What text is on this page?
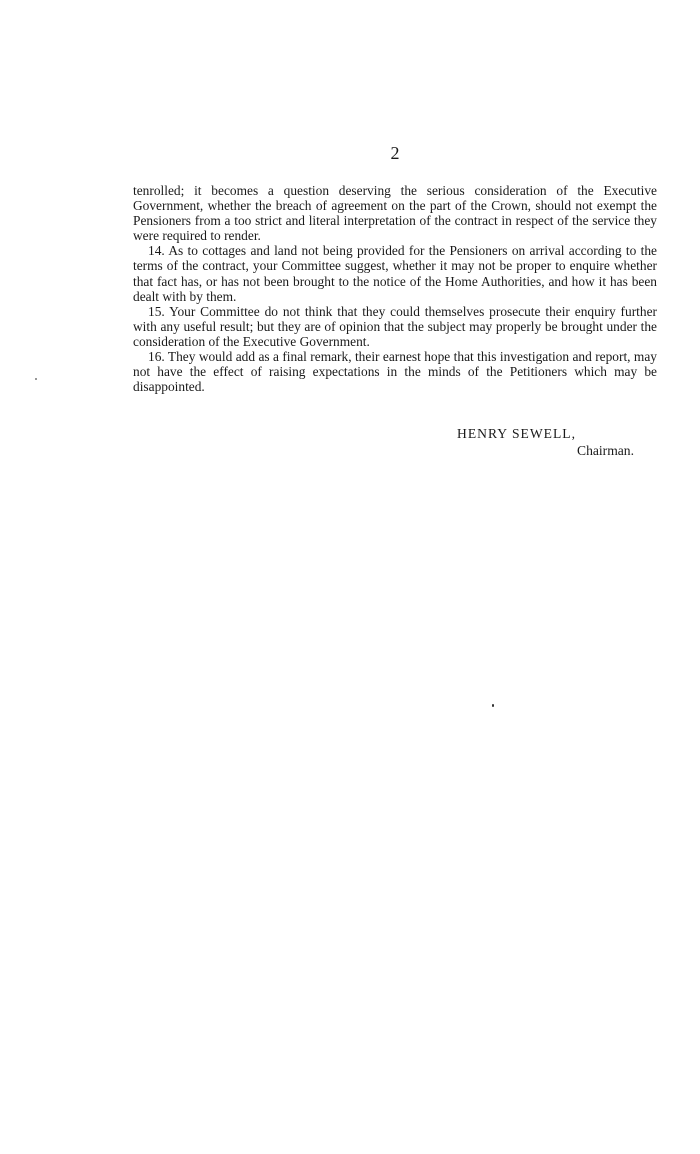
2

tenrolled; it becomes a question deserving the serious consideration of the Executive Government, whether the breach of agreement on the part of the Crown, should not exempt the Pensioners from a too strict and literal interpretation of the contract in respect of the service they were required to render.

14. As to cottages and land not being provided for the Pensioners on arrival according to the terms of the contract, your Committee suggest, whether it may not be proper to enquire whether that fact has, or has not been brought to the notice of the Home Authorities, and how it has been dealt with by them.

15. Your Committee do not think that they could themselves prosecute their enquiry further with any useful result; but they are of opinion that the subject may properly be brought under the consideration of the Executive Government.

16. They would add as a final remark, their earnest hope that this investigation and report, may not have the effect of raising expectations in the minds of the Petitioners which may be disappointed.

HENRY SEWELL,
Chairman.
